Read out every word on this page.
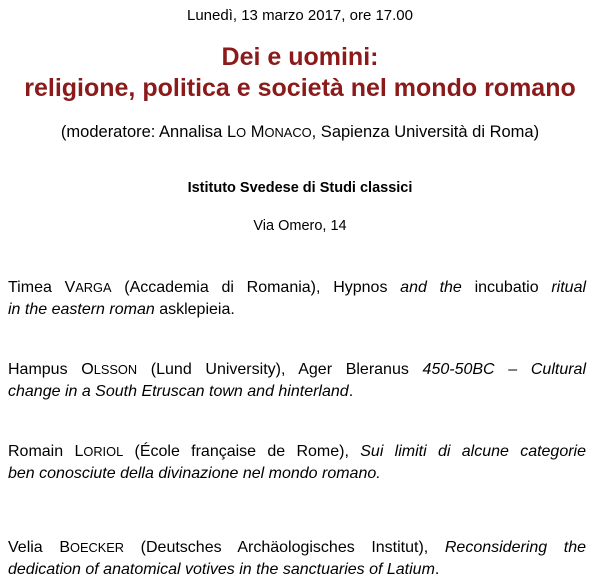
Lunedì, 13 marzo 2017, ore 17.00
Dei e uomini:
religione, politica e società nel mondo romano
(moderatore: Annalisa LO MONACO, Sapienza Università di Roma)
Istituto Svedese di Studi classici
Via Omero, 14
Timea VARGA (Accademia di Romania), Hypnos and the incubatio ritual
in the eastern roman asklepieia.
Hampus OLSSON (Lund University), Ager Bleranus 450-50BC – Cultural
change in a South Etruscan town and hinterland.
Romain LORIOL (École française de Rome), Sui limiti di alcune categorie
ben conosciute della divinazione nel mondo romano.
Velia BOECKER (Deutsches Archäologisches Institut), Reconsidering the
dedication of anatomical votives in the sanctuaries of Latium.
